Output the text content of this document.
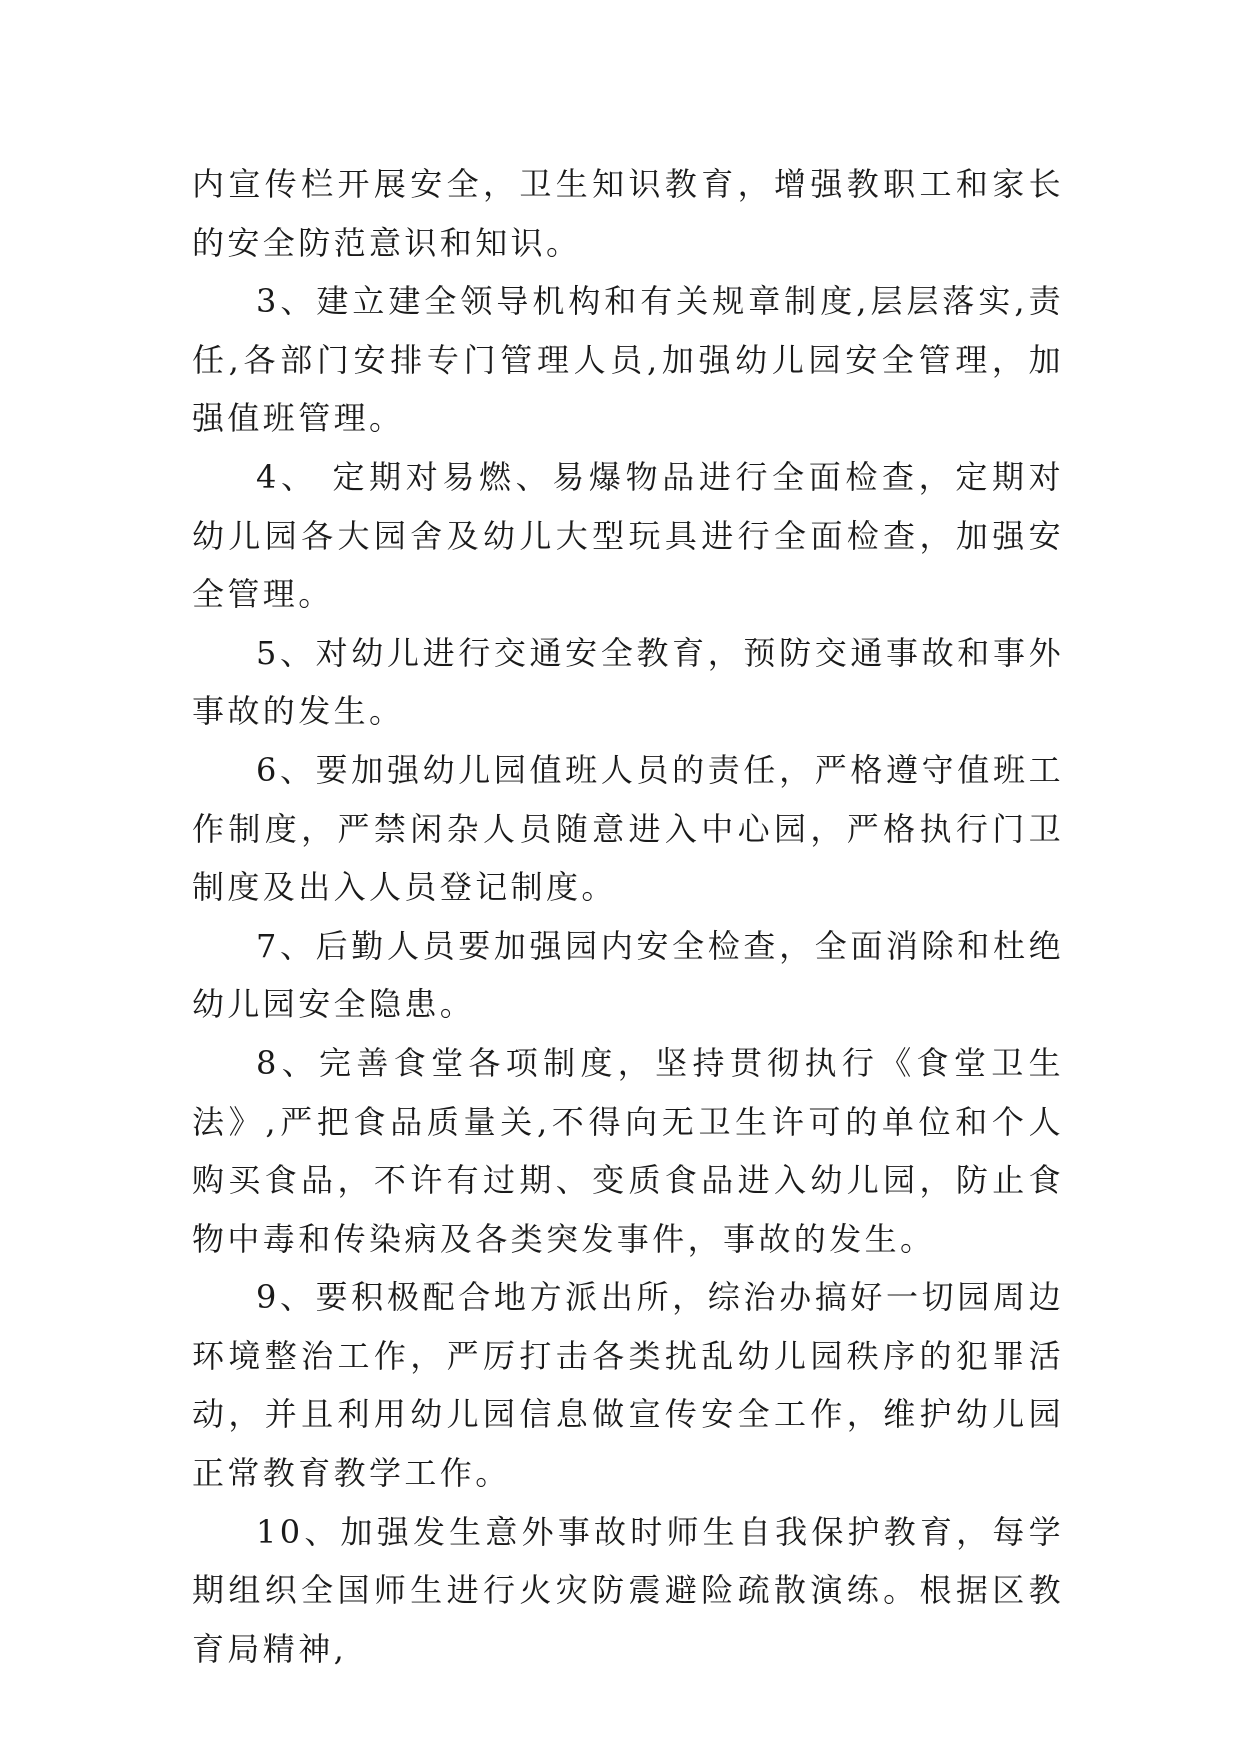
内宣传栏开展安全，卫生知识教育，增强教职工和家长的安全防范意识和知识。

3、建立建全领导机构和有关规章制度,层层落实,责任,各部门安排专门管理人员,加强幼儿园安全管理，加强值班管理。

4、 定期对易燃、易爆物品进行全面检查，定期对幼儿园各大园舍及幼儿大型玩具进行全面检查，加强安全管理。

5、对幼儿进行交通安全教育，预防交通事故和事外事故的发生。

6、要加强幼儿园值班人员的责任，严格遵守值班工作制度，严禁闲杂人员随意进入中心园，严格执行门卫制度及出入人员登记制度。

7、后勤人员要加强园内安全检查，全面消除和杜绝幼儿园安全隐患。

8、完善食堂各项制度，坚持贯彻执行《食堂卫生法》,严把食品质量关,不得向无卫生许可的单位和个人购买食品，不许有过期、变质食品进入幼儿园，防止食物中毒和传染病及各类突发事件，事故的发生。

9、要积极配合地方派出所，综治办搞好一切园周边环境整治工作，严厉打击各类扰乱幼儿园秩序的犯罪活动，并且利用幼儿园信息做宣传安全工作，维护幼儿园正常教育教学工作。

10、加强发生意外事故时师生自我保护教育，每学期组织全国师生进行火灾防震避险疏散演练。根据区教育局精神,
